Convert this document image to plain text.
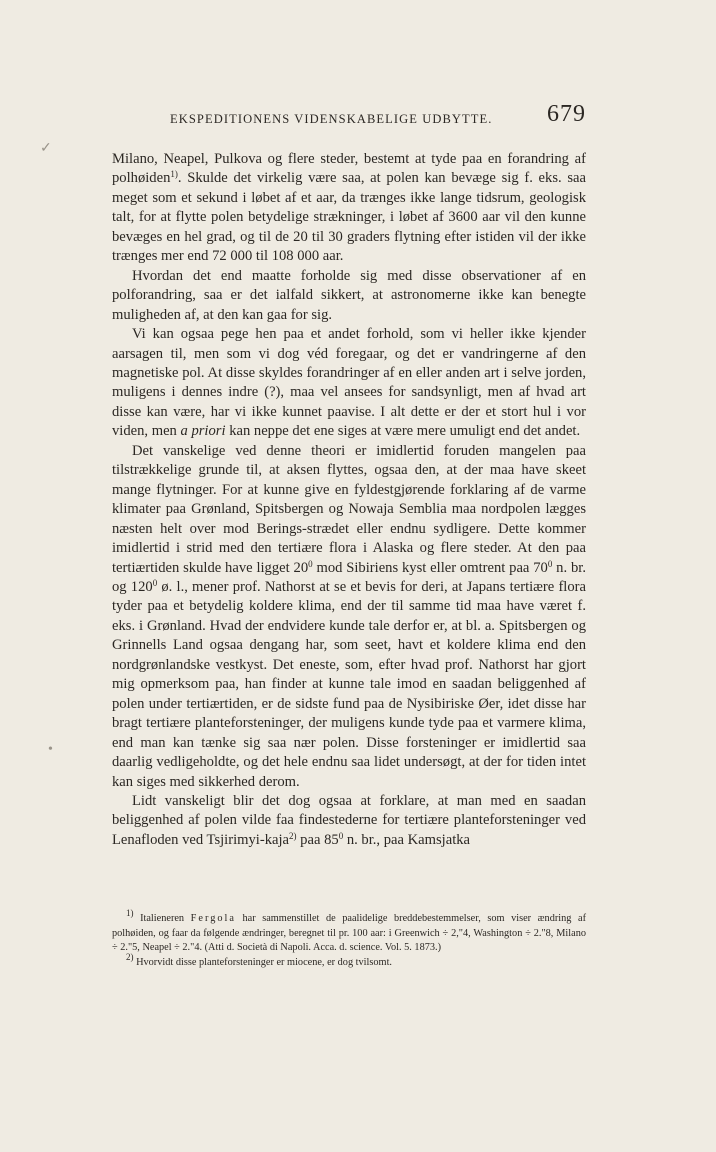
✓
•
EKSPEDITIONENS VIDENSKABELIGE UDBYTTE. 679

Milano, Neapel, Pulkova og flere steder, bestemt at tyde paa en forandring af polhøiden$^{1)}$. Skulde det virkelig være saa, at polen kan bevæge sig f. eks. saa meget som et sekund i løbet af et aar, da trænges ikke lange tidsrum, geologisk talt, for at flytte polen betydelige strækninger, i løbet af 3600 aar vil den kunne bevæges en hel grad, og til de 20 til 30 graders flytning efter istiden vil der ikke trænges mer end 72 000 til 108 000 aar.

Hvordan det end maatte forholde sig med disse observationer af en polforandring, saa er det ialfald sikkert, at astronomerne ikke kan benegte muligheden af, at den kan gaa for sig.

Vi kan ogsaa pege hen paa et andet forhold, som vi heller ikke kjender aarsagen til, men som vi dog véd foregaar, og det er vandringerne af den magnetiske pol. At disse skyldes forandringer af en eller anden art i selve jorden, muligens i dennes indre (?), maa vel ansees for sandsynligt, men af hvad art disse kan være, har vi ikke kunnet paavise. I alt dette er der et stort hul i vor viden, men a priori kan neppe det ene siges at være mere umuligt end det andet.

Det vanskelige ved denne theori er imidlertid foruden mangelen paa tilstrækkelige grunde til, at aksen flyttes, ogsaa den, at der maa have skeet mange flytninger. For at kunne give en fyldestgjørende forklaring af de varme klimater paa Grønland, Spitsbergen og Nowaja Semblia maa nordpolen lægges næsten helt over mod Berings-strædet eller endnu sydligere. Dette kommer imidlertid i strid med den tertiære flora i Alaska og flere steder. At den paa tertiærtiden skulde have ligget $20^0$ mod Sibiriens kyst eller omtrent paa $70^0$ n. br. og $120^0$ ø. l., mener prof. Nathorst at se et bevis for deri, at Japans tertiære flora tyder paa et betydelig koldere klima, end der til samme tid maa have været f. eks. i Grønland. Hvad der endvidere kunde tale derfor er, at bl. a. Spitsbergen og Grinnells Land ogsaa dengang har, som seet, havt et koldere klima end den nordgrønlandske vestkyst. Det eneste, som, efter hvad prof. Nathorst har gjort mig opmerksom paa, han finder at kunne tale imod en saadan beliggenhed af polen under tertiærtiden, er de sidste fund paa de Nysibiriske Øer, idet disse har bragt tertiære planteforsteninger, der muligens kunde tyde paa et varmere klima, end man kan tænke sig saa nær polen. Disse forsteninger er imidlertid saa daarlig vedligeholdte, og det hele endnu saa lidet undersøgt, at der for tiden intet kan siges med sikkerhed derom.

Lidt vanskeligt blir det dog ogsaa at forklare, at man med en saadan beliggenhed af polen vilde faa findestederne for tertiære planteforsteninger ved Lenafloden ved Tsjirimyi-kaja$^{2)}$ paa $85^0$ n. br., paa Kamsjatka

$^{1)}$ Italieneren Fergola har sammenstillet de paalidelige breddebestemmelser, som viser ændring af polhøiden, og faar da følgende ændringer, beregnet til pr. 100 aar: i Greenwich ÷ 2,"4, Washington ÷ 2."8, Milano ÷ 2."5, Neapel ÷ 2."4. (Atti d. Società di Napoli. Acca. d. science. Vol. 5. 1873.)

$^{2)}$ Hvorvidt disse planteforsteninger er miocene, er dog tvilsomt.
